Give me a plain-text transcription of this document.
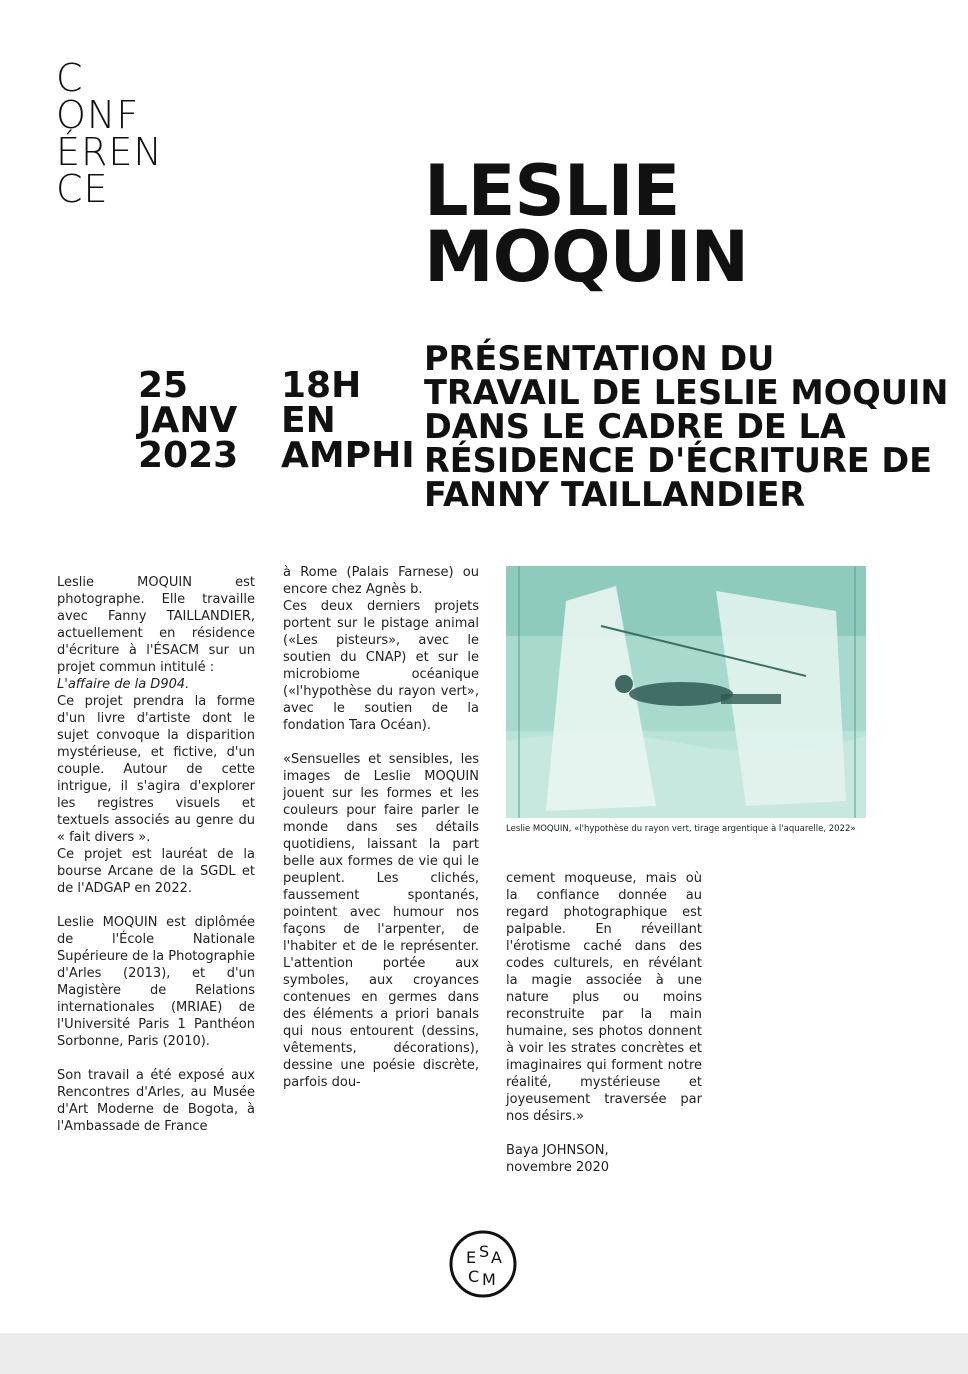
C
ONF
ÉREN
CE	LESLIE
MOQUIN
25
JANV
2023
18H
EN
AMPHI
PRÉSENTATION DU
TRAVAIL DE LESLIE MOQUIN
DANS LE CADRE DE LA
RÉSIDENCE D'ÉCRITURE DE
FANNY TAILLANDIER

Leslie MOQUIN est photographe. Elle travaille avec Fanny TAILLANDIER, actuellement en résidence d'écriture à l'ÉSACM sur un projet commun intitulé :

L'affaire de la D904.

Ce projet prendra la forme d'un livre d'artiste dont le sujet convoque la disparition mystérieuse, et fictive, d'un couple. Autour de cette intrigue, il s'agira d'explorer les registres visuels et textuels associés au genre du « fait divers ».

Ce projet est lauréat de la bourse Arcane de la SGDL et de l'ADGAP en 2022.

Leslie MOQUIN est diplômée de l'École Nationale Supérieure de la Photographie d'Arles (2013), et d'un Magistère de Relations internationales (MRIAE) de l'Université Paris 1 Panthéon Sorbonne, Paris (2010).

Son travail a été exposé aux Rencontres d'Arles, au Musée d'Art Moderne de Bogota, à l'Ambassade de France

à Rome (Palais Farnese) ou encore chez Agnès b.

Ces deux derniers projets portent sur le pistage animal («Les pisteurs», avec le soutien du CNAP) et sur le microbiome océanique («l'hypothèse du rayon vert», avec le soutien de la fondation Tara Océan).

«Sensuelles et sensibles, les images de Leslie MOQUIN jouent sur les formes et les couleurs pour faire parler le monde dans ses détails quotidiens, laissant la part belle aux formes de vie qui le peuplent. Les clichés, faussement spontanés, pointent avec humour nos façons de l'arpenter, de l'habiter et de le représenter. L'attention portée aux symboles, aux croyances contenues en germes dans des éléments a priori banals qui nous entourent (dessins, vêtements, décorations), dessine une poésie discrète, parfois dou-

Leslie MOQUIN, «l'hypothèse du rayon vert, tirage argentique à l'aquarelle, 2022»

cement moqueuse, mais où la confiance donnée au regard photographique est palpable. En réveillant l'érotisme caché dans des codes culturels, en révélant la magie associée à une nature plus ou moins reconstruite par la main humaine, ses photos donnent à voir les strates concrètes et imaginaires qui forment notre réalité, mystérieuse et joyeusement traversée par nos désirs.»

Baya JOHNSON,
novembre 2020

E S A
C M
